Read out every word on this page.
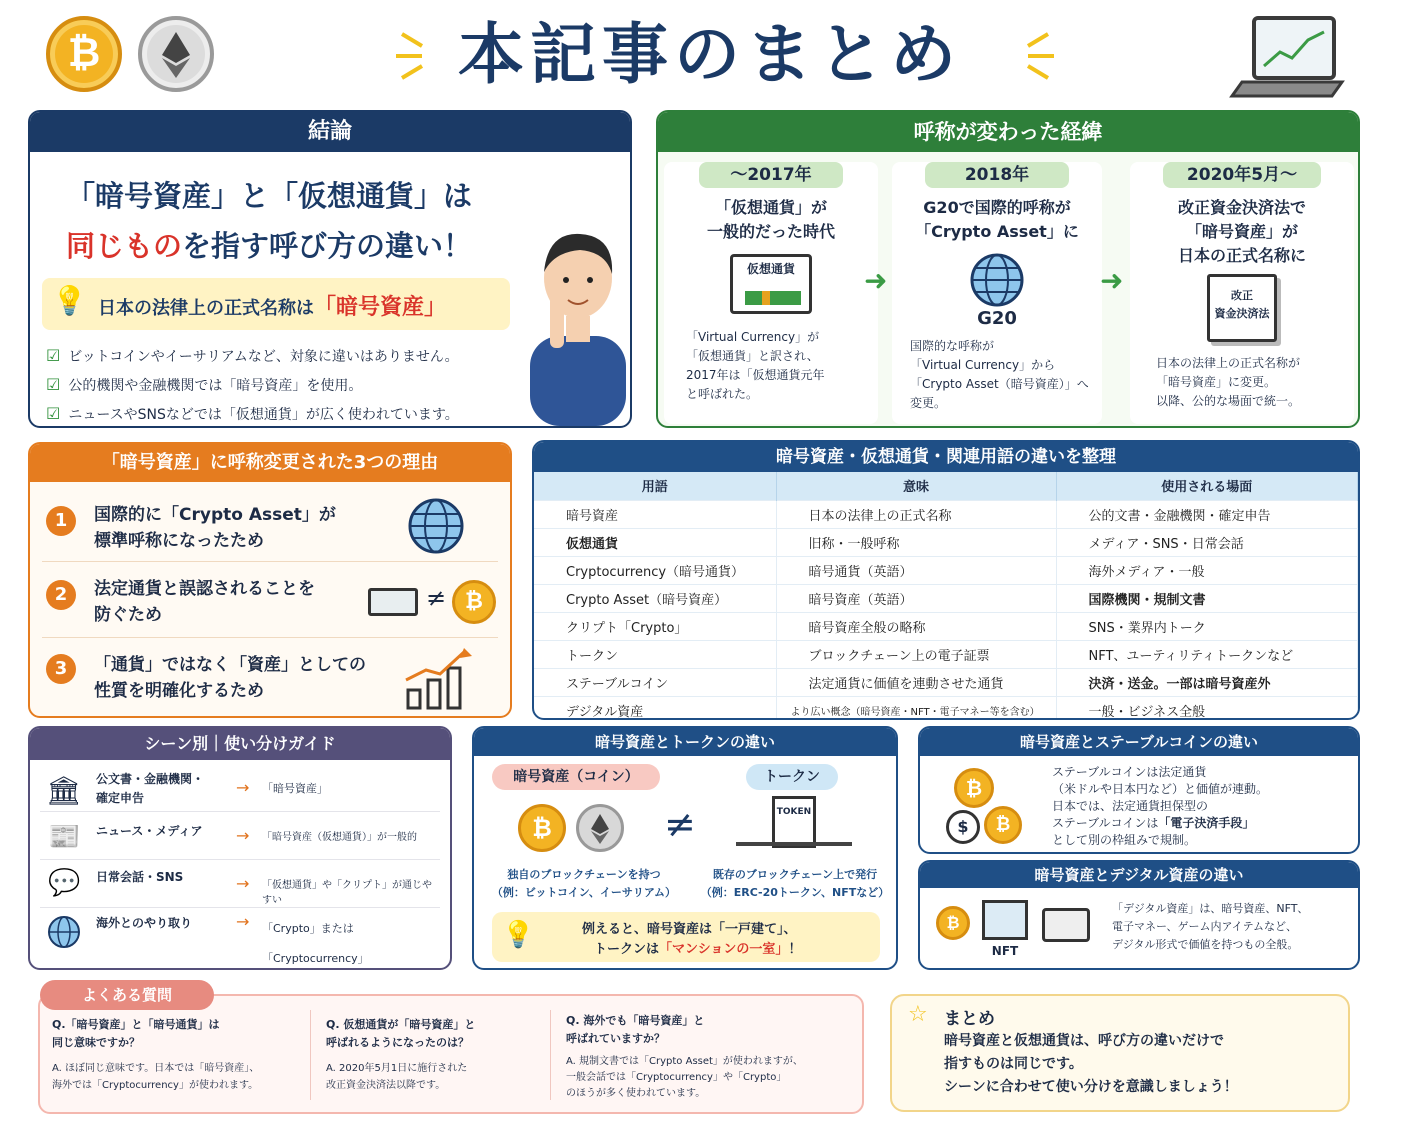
₿	本記事のまとめ
結論
「暗号資産」と「仮想通貨」は
同じものを指す呼び方の違い！
💡 日本の法律上の正式名称は「暗号資産」
☑ ビットコインやイーサリアムなど、対象に違いはありません。
☑ 公的機関や金融機関では「暗号資産」を使用。
☑ ニュースやSNSなどでは「仮想通貨」が広く使われています。
呼称が変わった経緯
〜2017年
「仮想通貨」が
一般的だった時代
仮想通貨
「Virtual Currency」が
「仮想通貨」と訳され、
2017年は「仮想通貨元年
と呼ばれた。
➜
2018年
G20で国際的呼称が
「Crypto Asset」に
G20
国際的な呼称が
「Virtual Currency」から
「Crypto Asset（暗号資産）」へ
変更。
➜
2020年5月〜
改正資金決済法で
「暗号資産」が
日本の正式名称に
改正
資金決済法
日本の法律上の正式名称が
「暗号資産」に変更。
以降、公的な場面で統一。
「暗号資産」に呼称変更された3つの理由
1	国際的に「Crypto Asset」が
標準呼称になったため
2	法定通貨と誤認されることを
防ぐため
≠ ₿
3	「通貨」ではなく「資産」としての
性質を明確化するため
暗号資産・仮想通貨・関連用語の違いを整理
用語	意味	使用される場面
暗号資産	日本の法律上の正式名称	公的文書・金融機関・確定申告
仮想通貨	旧称・一般呼称	メディア・SNS・日常会話
Cryptocurrency（暗号通貨）	暗号通貨（英語）	海外メディア・一般
Crypto Asset（暗号資産）	暗号資産（英語）	国際機関・規制文書
クリプト「Crypto」	暗号資産全般の略称	SNS・業界内トーク
トークン	ブロックチェーン上の電子証票	NFT、ユーティリティトークンなど
ステーブルコイン	法定通貨に価値を連動させた通貨	決済・送金。一部は暗号資産外
デジタル資産	より広い概念（暗号資産・NFT・電子マネー等を含む）	一般・ビジネス全般
シーン別｜使い分けガイド
🏛 公文書・金融機関・
確定申告
→ 「暗号資産」
📰 ニュース・メディア → 「暗号資産（仮想通貨）」が一般的
💬 日常会話・SNS	→ 「仮想通貨」や「クリプト」が通じやすい
海外とのやり取り	→ 「Crypto」または
「Cryptocurrency」
暗号資産とトークンの違い
暗号資産（コイン）	トークン
₿	≠	TOKEN
独自のブロックチェーンを持つ
（例：ビットコイン、イーサリアム）
既存のブロックチェーン上で発行
（例：ERC-20トークン、NFTなど）
💡	例えると、暗号資産は「一戸建て」、
トークンは「マンションの一室」！
暗号資産とステーブルコインの違い
₿
$	₿
ステーブルコインは法定通貨
（米ドルや日本円など）と価値が連動。
日本では、法定通貨担保型の
ステーブルコインは「電子決済手段」
として別の枠組みで規制。
暗号資産とデジタル資産の違い
₿
NFT
「デジタル資産」は、暗号資産、NFT、
電子マネー、ゲーム内アイテムなど、
デジタル形式で価値を持つもの全般。
よくある質問
Q.「暗号資産」と「暗号通貨」は
同じ意味ですか？
A. ほぼ同じ意味です。日本では「暗号資産」、
海外では「Cryptocurrency」が使われます。
Q. 仮想通貨が「暗号資産」と
呼ばれるようになったのは？
A. 2020年5月1日に施行された
改正資金決済法以降です。
Q. 海外でも「暗号資産」と
呼ばれていますか？
A. 規制文書では「Crypto Asset」が使われますが、
一般会話では「Cryptocurrency」や「Crypto」
のほうが多く使われています。
☆ まとめ
暗号資産と仮想通貨は、呼び方の違いだけで
指すものは同じです。
シーンに合わせて使い分けを意識しましょう！
